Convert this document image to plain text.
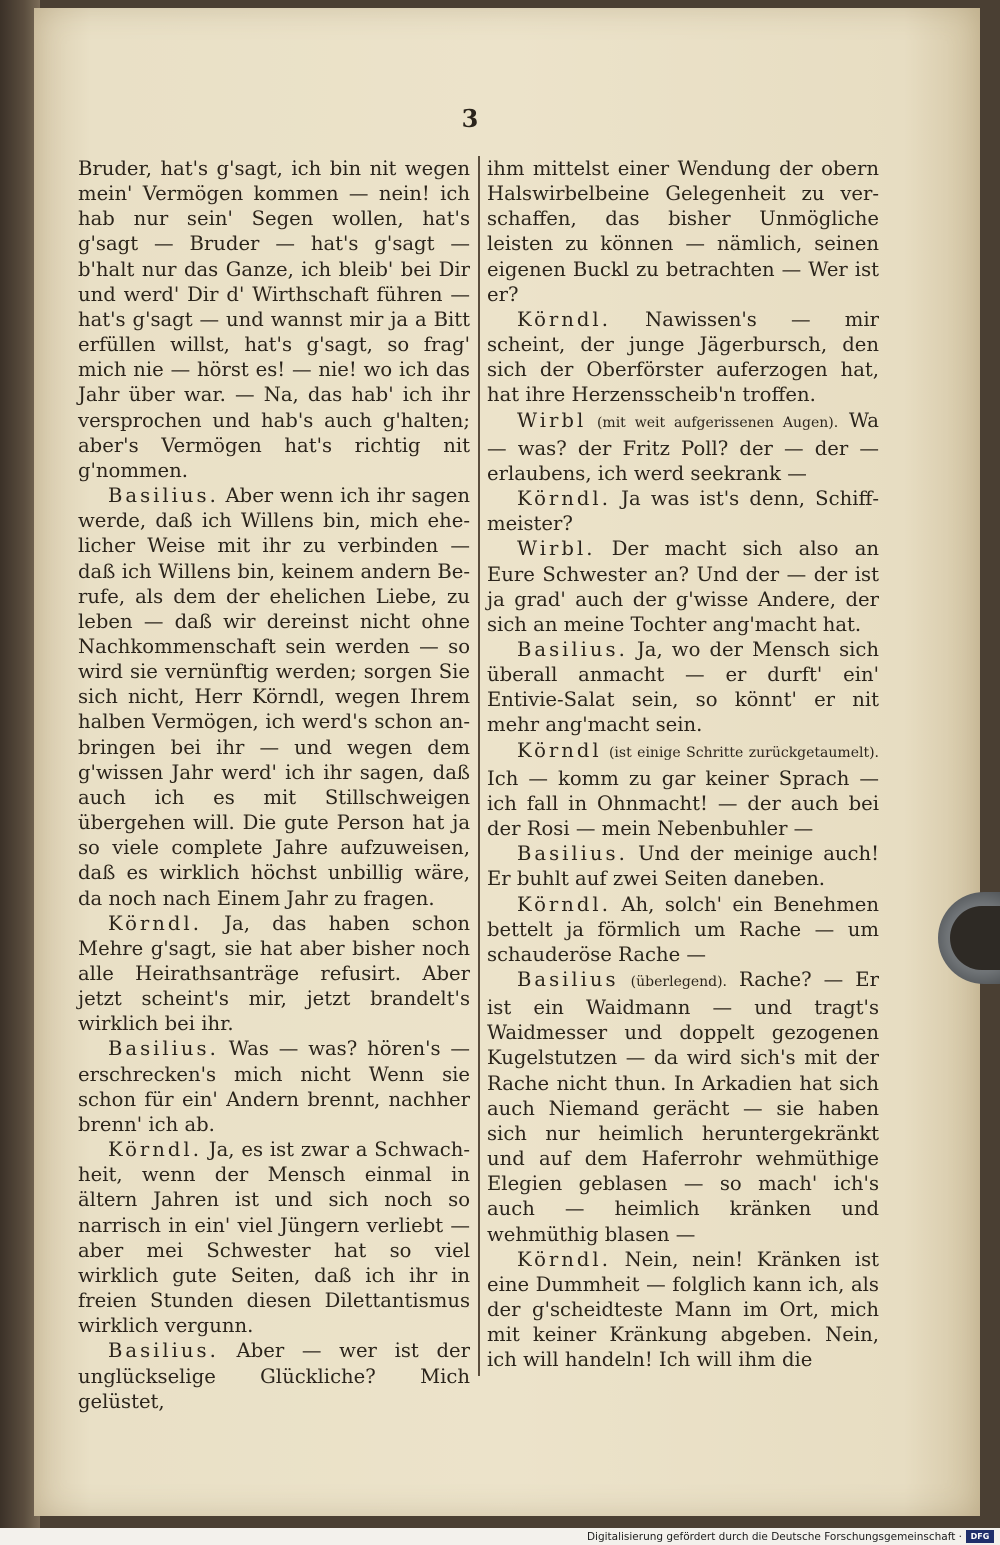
3

Bruder, hat's g'sagt, ich bin nit wegen mein' Vermögen kommen — nein! ich hab nur sein' Segen wollen, hat's g'sagt — Bruder — hat's g'sagt — b'halt nur das Ganze, ich bleib' bei Dir und werd' Dir d' Wirthschaft führen — hat's g'sagt — und wannst mir ja a Bitt erfüllen willst, hat's g'sagt, so frag' mich nie — hörst es! — nie! wo ich das Jahr über war. — Na, das hab' ich ihr versprochen und hab's auch g'halten; aber's Vermögen hat's richtig nit g'nommen.

Basilius. Aber wenn ich ihr sagen werde, daß ich Willens bin, mich ehelicher Weise mit ihr zu verbinden — daß ich Willens bin, keinem andern Berufe, als dem der ehelichen Liebe, zu leben — daß wir dereinst nicht ohne Nachkommenschaft sein werden — so wird sie vernünftig werden; sorgen Sie sich nicht, Herr Körndl, wegen Ihrem halben Vermögen, ich werd's schon anbringen bei ihr — und wegen dem g'wissen Jahr werd' ich ihr sagen, daß auch ich es mit Stillschweigen übergehen will. Die gute Person hat ja so viele complete Jahre aufzuweisen, daß es wirklich höchst unbillig wäre, da noch nach Einem Jahr zu fragen.

Körndl. Ja, das haben schon Mehre g'sagt, sie hat aber bisher noch alle Heirathsanträge refusirt. Aber jetzt scheint's mir, jetzt brandelt's wirklich bei ihr.

Basilius. Was — was? hören's — erschrecken's mich nicht Wenn sie schon für ein' Andern brennt, nachher brenn' ich ab.

Körndl. Ja, es ist zwar a Schwachheit, wenn der Mensch einmal in ältern Jahren ist und sich noch so narrisch in ein' viel Jüngern verliebt — aber mei Schwester hat so viel wirklich gute Seiten, daß ich ihr in freien Stunden diesen Dilettantismus wirklich vergunn.

Basilius. Aber — wer ist der unglückselige Glückliche? Mich gelüstet,

ihm mittelst einer Wendung der obern Halswirbelbeine Gelegenheit zu verschaffen, das bisher Unmögliche leisten zu können — nämlich, seinen eigenen Buckl zu betrachten — Wer ist er?

Körndl. Nawissen's — mir scheint, der junge Jägerbursch, den sich der Oberförster auferzogen hat, hat ihre Herzensscheib'n troffen.

Wirbl (mit weit aufgerissenen Augen). Wa — was? der Fritz Poll? der — der — erlaubens, ich werd seekrank —

Körndl. Ja was ist's denn, Schiffmeister?

Wirbl. Der macht sich also an Eure Schwester an? Und der — der ist ja grad' auch der g'wisse Andere, der sich an meine Tochter ang'macht hat.

Basilius. Ja, wo der Mensch sich überall anmacht — er durft' ein' Entivie-Salat sein, so könnt' er nit mehr ang'macht sein.

Körndl (ist einige Schritte zurückgetaumelt). Ich — komm zu gar keiner Sprach — ich fall in Ohnmacht! — der auch bei der Rosi — mein Nebenbuhler —

Basilius. Und der meinige auch! Er buhlt auf zwei Seiten daneben.

Körndl. Ah, solch' ein Benehmen bettelt ja förmlich um Rache — um schauderöse Rache —

Basilius (überlegend). Rache? — Er ist ein Waidmann — und tragt's Waidmesser und doppelt gezogenen Kugelstutzen — da wird sich's mit der Rache nicht thun. In Arkadien hat sich auch Niemand gerächt — sie haben sich nur heimlich heruntergekränkt und auf dem Haferrohr wehmüthige Elegien geblasen — so mach' ich's auch — heimlich kränken und wehmüthig blasen —

Körndl. Nein, nein! Kränken ist eine Dummheit — folglich kann ich, als der g'scheidteste Mann im Ort, mich mit keiner Kränkung abgeben. Nein, ich will handeln! Ich will ihm die

Digitalisierung gefördert durch die Deutsche Forschungsgemeinschaft ·	DFG
